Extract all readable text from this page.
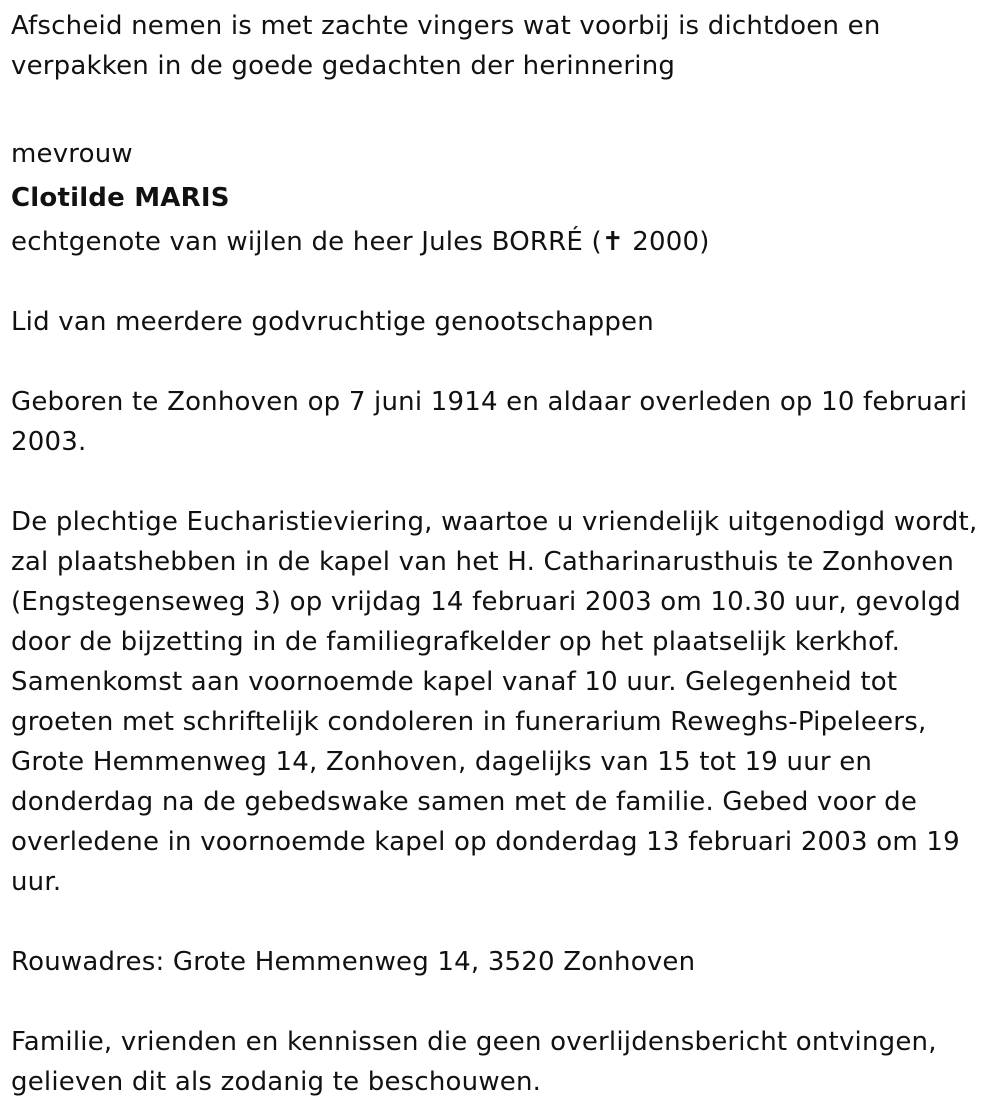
Afscheid nemen is met zachte vingers wat voorbij is dichtdoen en
verpakken in de goede gedachten der herinnering
mevrouw
Clotilde MARIS
echtgenote van wijlen de heer Jules BORRÉ (✝ 2000)
Lid van meerdere godvruchtige genootschappen
Geboren te Zonhoven op 7 juni 1914 en aldaar overleden op 10 februari
2003.
De plechtige Eucharistieviering, waartoe u vriendelijk uitgenodigd wordt,
zal plaatshebben in de kapel van het H. Catharinarusthuis te Zonhoven
(Engstegenseweg 3) op vrijdag 14 februari 2003 om 10.30 uur, gevolgd
door de bijzetting in de familiegrafkelder op het plaatselijk kerkhof.
Samenkomst aan voornoemde kapel vanaf 10 uur. Gelegenheid tot
groeten met schriftelijk condoleren in funerarium Reweghs-Pipeleers,
Grote Hemmenweg 14, Zonhoven, dagelijks van 15 tot 19 uur en
donderdag na de gebedswake samen met de familie. Gebed voor de
overledene in voornoemde kapel op donderdag 13 februari 2003 om 19
uur.
Rouwadres: Grote Hemmenweg 14, 3520 Zonhoven
Familie, vrienden en kennissen die geen overlijdensbericht ontvingen,
gelieven dit als zodanig te beschouwen.
